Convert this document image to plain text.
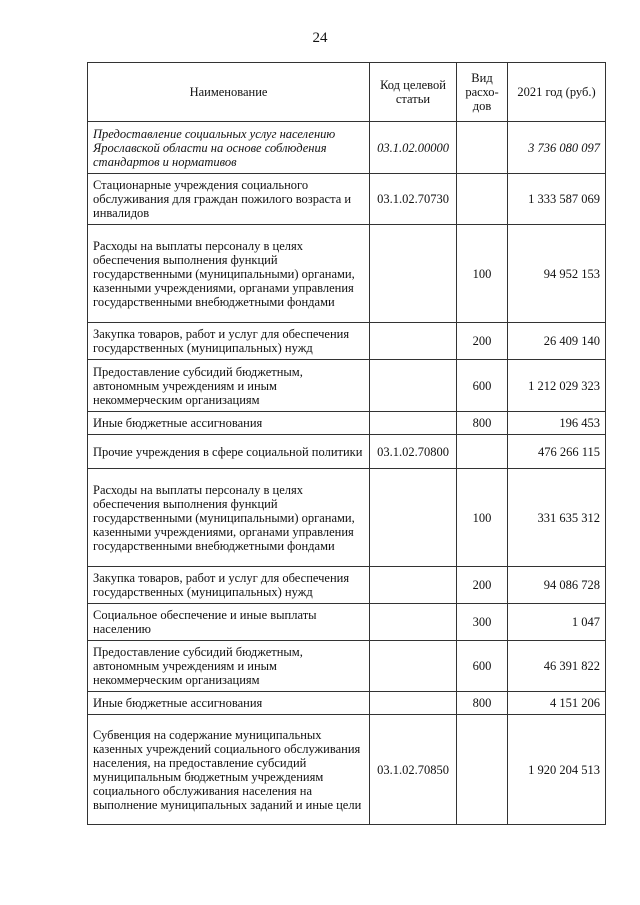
24
Наименование	Код целевой статьи	Вид расхо-дов	2021 год (руб.)
Предоставление социальных услуг населению Ярославской области на основе соблюдения стандартов и нормативов	03.1.02.00000		3 736 080 097
Стационарные учреждения социального обслуживания для граждан пожилого возраста и инвалидов	03.1.02.70730		1 333 587 069
Расходы на выплаты персоналу в целях обеспечения выполнения функций государственными (муниципальными) органами, казенными учреждениями, органами управления государственными внебюджетными фондами		100	94 952 153
Закупка товаров, работ и услуг для обеспечения государственных (муниципальных) нужд		200	26 409 140
Предоставление субсидий бюджетным, автономным учреждениям и иным некоммерческим организациям		600	1 212 029 323
Иные бюджетные ассигнования		800	196 453
Прочие учреждения в сфере социальной политики	03.1.02.70800		476 266 115
Расходы на выплаты персоналу в целях обеспечения выполнения функций государственными (муниципальными) органами, казенными учреждениями, органами управления государственными внебюджетными фондами		100	331 635 312
Закупка товаров, работ и услуг для обеспечения государственных (муниципальных) нужд		200	94 086 728
Социальное обеспечение и иные выплаты населению		300	1 047
Предоставление субсидий бюджетным, автономным учреждениям и иным некоммерческим организациям		600	46 391 822
Иные бюджетные ассигнования		800	4 151 206
Субвенция на содержание муниципальных казенных учреждений социального обслуживания населения, на предоставление субсидий муниципальным бюджетным учреждениям социального обслуживания населения на выполнение муниципальных заданий и иные цели	03.1.02.70850		1 920 204 513
